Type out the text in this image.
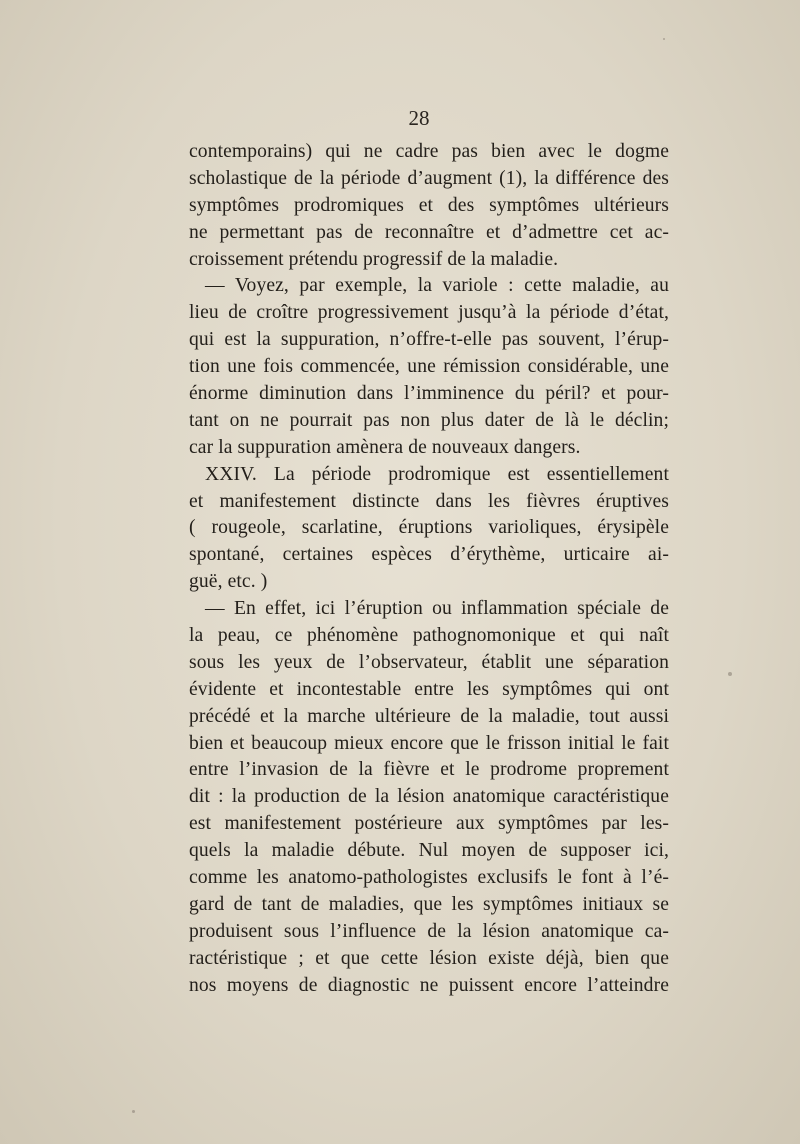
28
contemporains) qui ne cadre pas bien avec le dogme
scholastique de la période d’augment (1), la différence des
symptômes prodromiques et des symptômes ultérieurs
ne permettant pas de reconnaître et d’admettre cet ac-
croissement prétendu progressif de la maladie.
— Voyez, par exemple, la variole : cette maladie, au
lieu de croître progressivement jusqu’à la période d’état,
qui est la suppuration, n’offre-t-elle pas souvent, l’érup-
tion une fois commencée, une rémission considérable, une
énorme diminution dans l’imminence du péril? et pour-
tant on ne pourrait pas non plus dater de là le déclin;
car la suppuration amènera de nouveaux dangers.
XXIV. La période prodromique est essentiellement
et manifestement distincte dans les fièvres éruptives
( rougeole, scarlatine, éruptions varioliques, érysipèle
spontané, certaines espèces d’érythème, urticaire ai-
guë, etc. )
— En effet, ici l’éruption ou inflammation spéciale de
la peau, ce phénomène pathognomonique et qui naît
sous les yeux de l’observateur, établit une séparation
évidente et incontestable entre les symptômes qui ont
précédé et la marche ultérieure de la maladie, tout aussi
bien et beaucoup mieux encore que le frisson initial le fait
entre l’invasion de la fièvre et le prodrome proprement
dit : la production de la lésion anatomique caractéristique
est manifestement postérieure aux symptômes par les-
quels la maladie débute. Nul moyen de supposer ici,
comme les anatomo-pathologistes exclusifs le font à l’é-
gard de tant de maladies, que les symptômes initiaux se
produisent sous l’influence de la lésion anatomique ca-
ractéristique ; et que cette lésion existe déjà, bien que
nos moyens de diagnostic ne puissent encore l’atteindre
